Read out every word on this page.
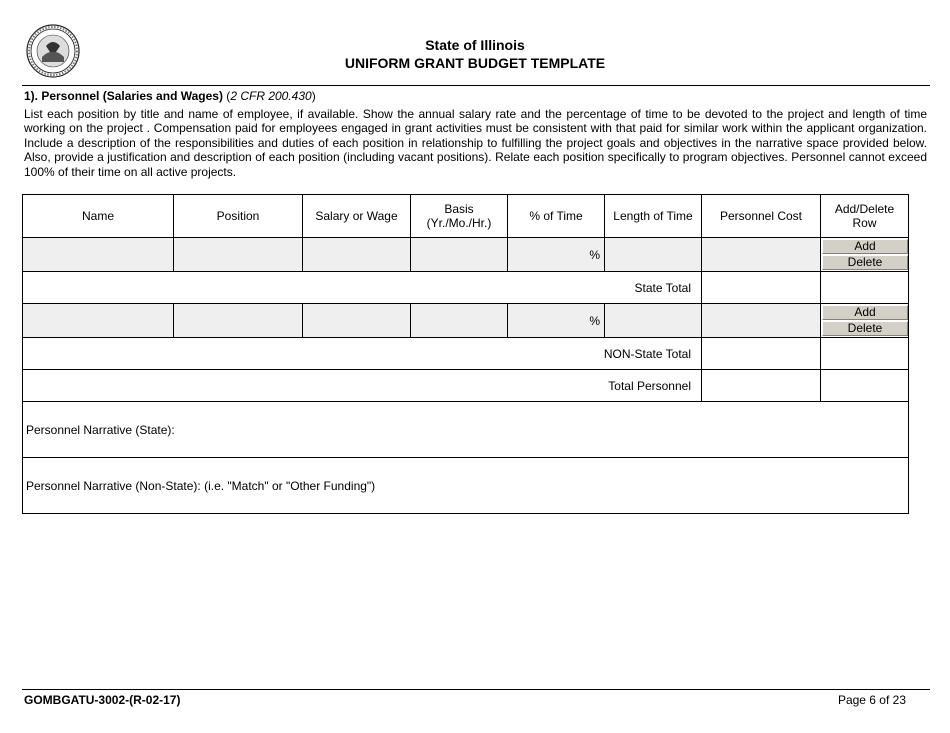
State of Illinois
UNIFORM GRANT BUDGET TEMPLATE
1). Personnel (Salaries and Wages) (2 CFR 200.430)
List each position by title and name of employee, if available. Show the annual salary rate and the percentage of time to be devoted to the project and length of time working on the project . Compensation paid for employees engaged in grant activities must be consistent with that paid for similar work within the applicant organization. Include a description of the responsibilities and duties of each position in relationship to fulfilling the project goals and objectives in the narrative space provided below. Also, provide a justification and description of each position (including vacant positions). Relate each position specifically to program objectives. Personnel cannot exceed 100% of their time on all active projects.
Name	Position	Salary or Wage	Basis (Yr./Mo./Hr.)	% of Time	Length of Time	Personnel Cost	Add/Delete Row
				%			Add
Delete

State Total							
				%			Add
Delete

NON-State Total							
Total Personnel							
Personnel Narrative (State):							
Personnel Narrative (Non-State): (i.e. "Match" or "Other Funding")							
GOMBGATU-3002-(R-02-17)	Page 6 of 23
